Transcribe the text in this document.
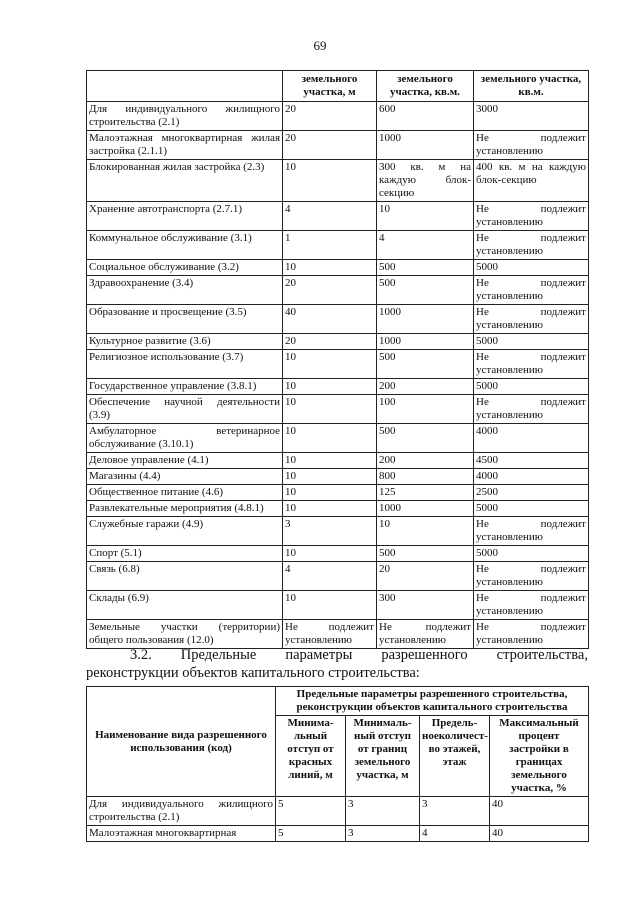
69
	земельного участка, м	земельного участка, кв.м.	земельного участка, кв.м.
Для индивидуального жилищного строительства (2.1)	20	600	3000
Малоэтажная многоквартирная жилая застройка (2.1.1)	20	1000	Не подлежит установлению
Блокированная жилая застройка (2.3)	10	300 кв. м на каждую блок-секцию	400 кв. м на каждую блок-секцию
Хранение автотранспорта (2.7.1)	4	10	Не подлежит установлению
Коммунальное обслуживание (3.1)	1	4	Не подлежит установлению
Социальное обслуживание (3.2)	10	500	5000
Здравоохранение (3.4)	20	500	Не подлежит установлению
Образование и просвещение (3.5)	40	1000	Не подлежит установлению
Культурное развитие (3.6)	20	1000	5000
Религиозное использование (3.7)	10	500	Не подлежит установлению
Государственное управление (3.8.1)	10	200	5000
Обеспечение научной деятельности (3.9)	10	100	Не подлежит установлению
Амбулаторное ветеринарное обслуживание (3.10.1)	10	500	4000
Деловое управление (4.1)	10	200	4500
Магазины (4.4)	10	800	4000
Общественное питание (4.6)	10	125	2500
Развлекательные мероприятия (4.8.1)	10	1000	5000
Служебные гаражи (4.9)	3	10	Не подлежит установлению
Спорт (5.1)	10	500	5000
Связь (6.8)	4	20	Не подлежит установлению
Склады (6.9)	10	300	Не подлежит установлению
Земельные участки (территории) общего пользования (12.0)	Не подлежит установлению	Не подлежит установлению	Не подлежит установлению
3.2. Предельные параметры разрешенного строительства,
реконструкции объектов капитального строительства:
Наименование вида разрешенного использования (код)	Предельные параметры разрешенного строительства, реконструкции объектов капитального строительства			
	Минима-льный отступ от красных линий, м	Минималь-ный отступ от границ земельного участка, м	Предель-ноеколичест-во этажей, этаж	Максимальный процент застройки в границах земельного участка, %
Для индивидуального жилищного строительства (2.1)	5	3	3	40
Малоэтажная многоквартирная	5	3	4	40
